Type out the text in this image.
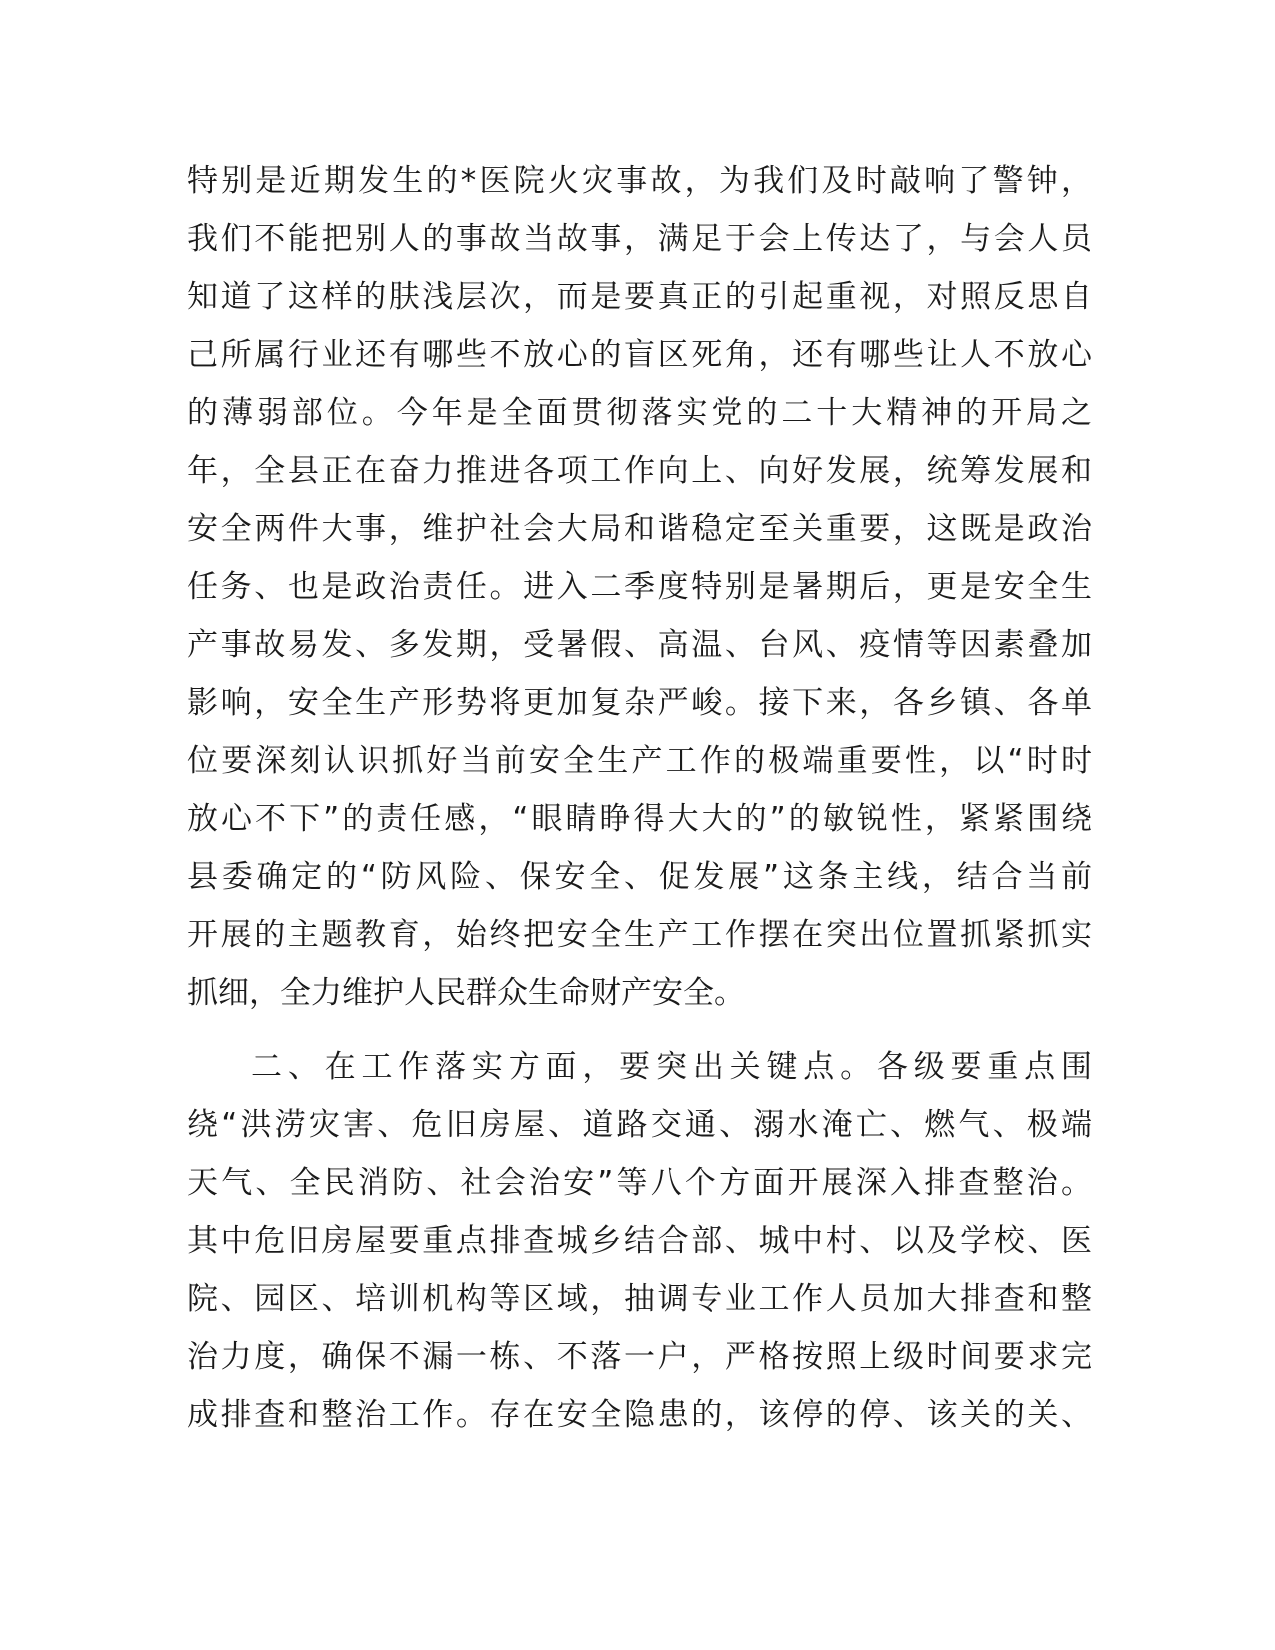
特别是近期发生的*医院火灾事故，为我们及时敲响了警钟，
我们不能把别人的事故当故事，满足于会上传达了，与会人员
知道了这样的肤浅层次，而是要真正的引起重视，对照反思自
己所属行业还有哪些不放心的盲区死角，还有哪些让人不放心
的薄弱部位。今年是全面贯彻落实党的二十大精神的开局之
年，全县正在奋力推进各项工作向上、向好发展，统筹发展和
安全两件大事，维护社会大局和谐稳定至关重要，这既是政治
任务、也是政治责任。进入二季度特别是暑期后，更是安全生
产事故易发、多发期，受暑假、高温、台风、疫情等因素叠加
影响，安全生产形势将更加复杂严峻。接下来，各乡镇、各单
位要深刻认识抓好当前安全生产工作的极端重要性，以“时时
放心不下”的责任感，“眼睛睁得大大的”的敏锐性，紧紧围绕
县委确定的“防风险、保安全、促发展”这条主线，结合当前
开展的主题教育，始终把安全生产工作摆在突出位置抓紧抓实
抓细，全力维护人民群众生命财产安全。
二、在工作落实方面，要突出关键点。各级要重点围
绕“洪涝灾害、危旧房屋、道路交通、溺水淹亡、燃气、极端
天气、全民消防、社会治安”等八个方面开展深入排查整治。
其中危旧房屋要重点排查城乡结合部、城中村、以及学校、医
院、园区、培训机构等区域，抽调专业工作人员加大排查和整
治力度，确保不漏一栋、不落一户，严格按照上级时间要求完
成排查和整治工作。存在安全隐患的，该停的停、该关的关、
